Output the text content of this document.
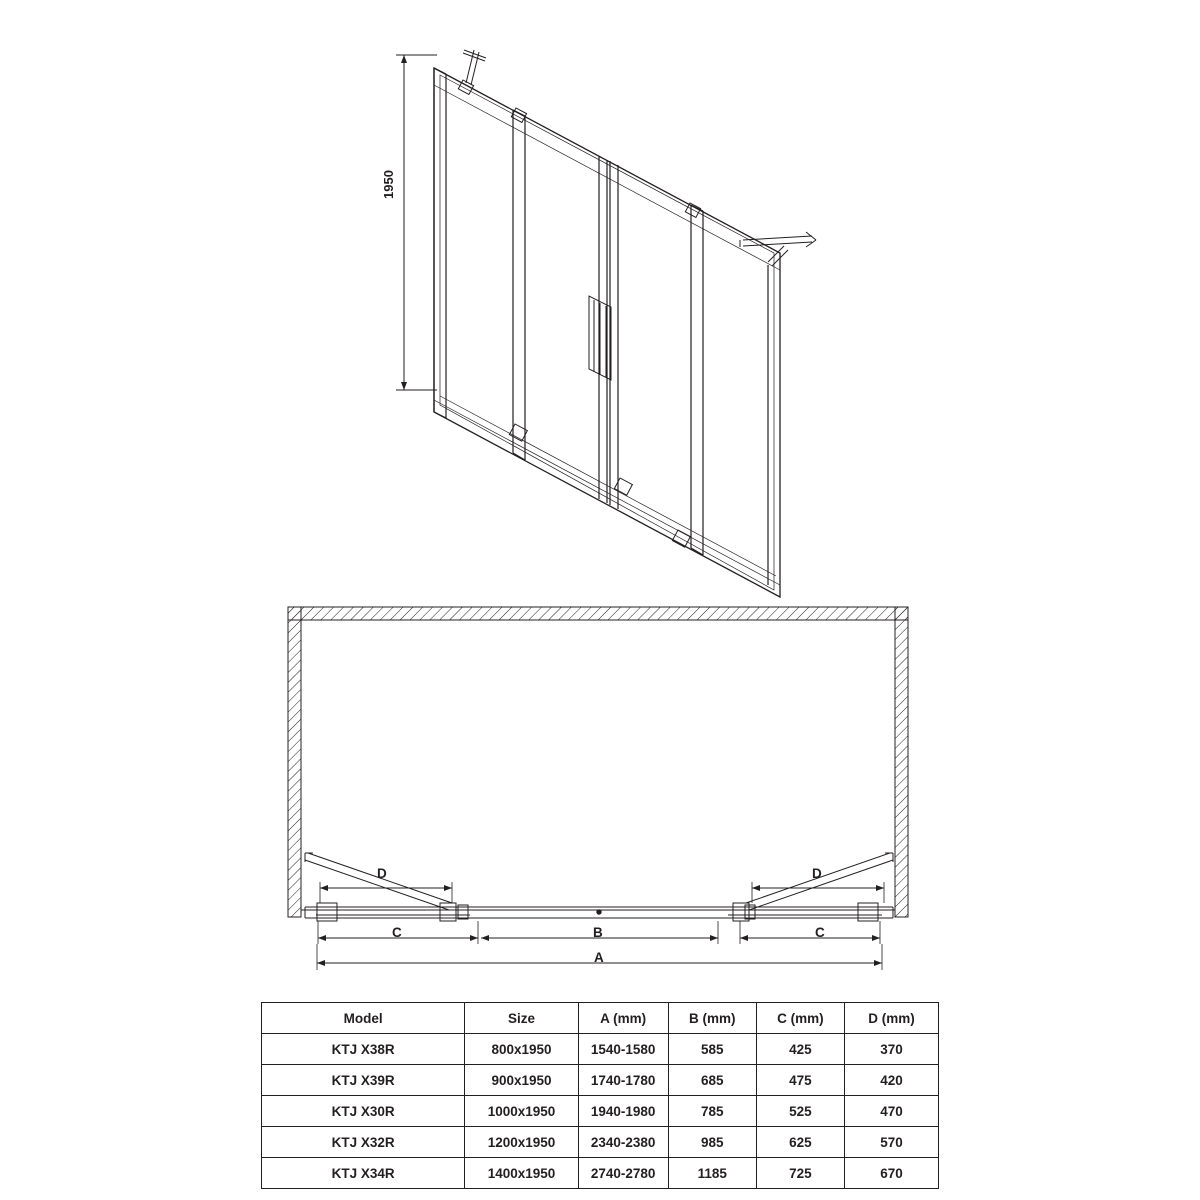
1950
D	D
C	B	C
A
Model	Size	A (mm)	B (mm)	C (mm)	D (mm)
KTJ X38R	800x1950	1540-1580	585	425	370
KTJ X39R	900x1950	1740-1780	685	475	420
KTJ X30R	1000x1950	1940-1980	785	525	470
KTJ X32R	1200x1950	2340-2380	985	625	570
KTJ X34R	1400x1950	2740-2780	1185	725	670
